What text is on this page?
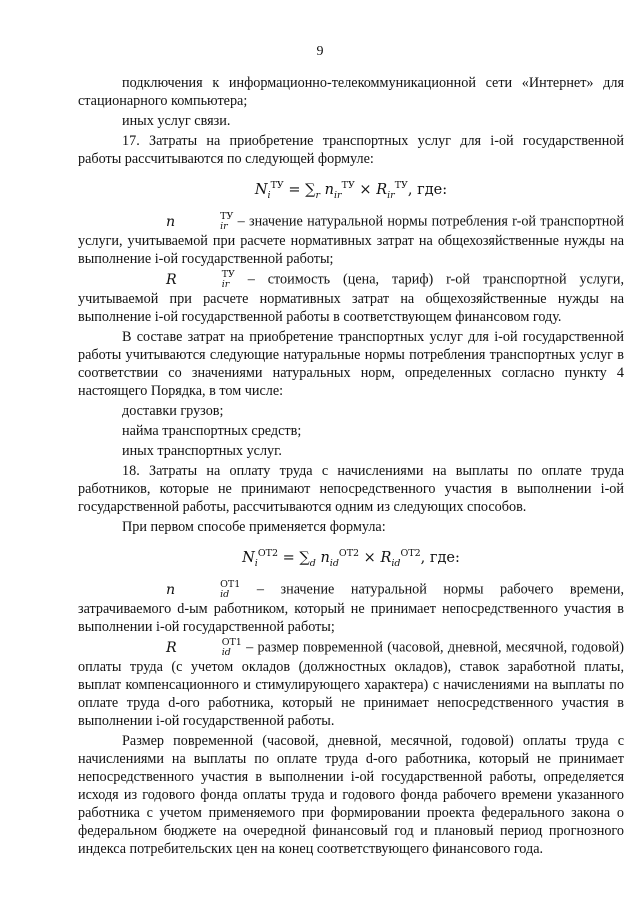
9

подключения к информационно-телекоммуникационной сети «Интернет» для стационарного компьютера;

иных услуг связи.

17. Затраты на приобретение транспортных услуг для i-ой государственной работы рассчитываются по следующей формуле:

$N_i^{ТУ} = \sum_r$ $n_{ir}^{ТУ} \times R_{ir}^{ТУ}$, где:

n	ТУ
ir – значение натуральной нормы потребления r-ой транспортной услуги, учитываемой при расчете нормативных затрат на общехозяйственные нужды на выполнение i-ой государственной работы;

R	ТУ
ir – стоимость (цена, тариф) r-ой транспортной услуги, учитываемой при расчете нормативных затрат на общехозяйственные нужды на выполнение i-ой государственной работы в соответствующем финансовом году.

В составе затрат на приобретение транспортных услуг для i-ой государственной работы учитываются следующие натуральные нормы потребления транспортных услуг в соответствии со значениями натуральных норм, определенных согласно пункту 4 настоящего Порядка, в том числе:

доставки грузов;

найма транспортных средств;

иных транспортных услуг.

18. Затраты на оплату труда с начислениями на выплаты по оплате труда работников, которые не принимают непосредственного участия в выполнении i-ой государственной работы, рассчитываются одним из следующих способов.

При первом способе применяется формула:

$N_i^{ОТ2} = \sum_d$ $n_{id}^{ОТ2} \times R_{id}^{ОТ2}$, где:

n	ОТ1
id – значение натуральной нормы рабочего времени, затрачиваемого d-ым работником, который не принимает непосредственного участия в выполнении i-ой государственной работы;

R	ОТ1
id – размер повременной (часовой, дневной, месячной, годовой) оплаты труда (с учетом окладов (должностных окладов), ставок заработной платы, выплат компенсационного и стимулирующего характера) с начислениями на выплаты по оплате труда d-ого работника, который не принимает непосредственного участия в выполнении i-ой государственной работы.

Размер повременной (часовой, дневной, месячной, годовой) оплаты труда с начислениями на выплаты по оплате труда d-ого работника, который не принимает непосредственного участия в выполнении i-ой государственной работы, определяется исходя из годового фонда оплаты труда и годового фонда рабочего времени указанного работника с учетом применяемого при формировании проекта федерального закона о федеральном бюджете на очередной финансовый год и плановый период прогнозного индекса потребительских цен на конец соответствующего финансового года.
